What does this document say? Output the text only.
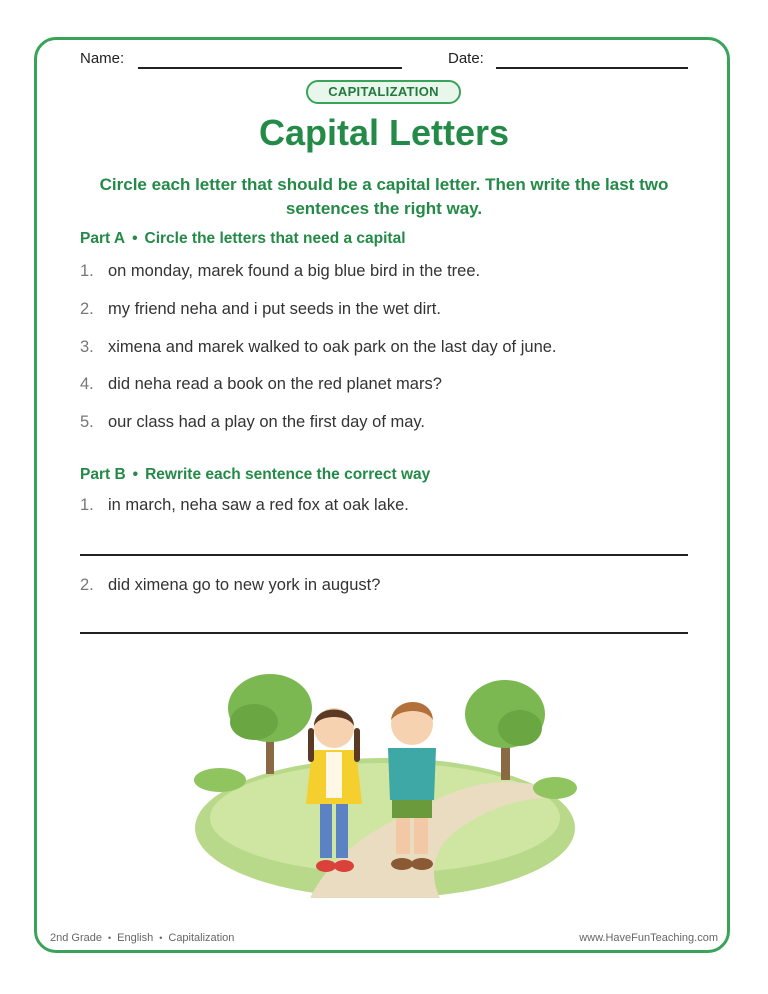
Name:	Date:
CAPITALIZATION
Capital Letters
Circle each letter that should be a capital letter. Then write the last two sentences the right way.
Part A • Circle the letters that need a capital
1. on monday, marek found a big blue bird in the tree.
2. my friend neha and i put seeds in the wet dirt.
3. ximena and marek walked to oak park on the last day of june.
4. did neha read a book on the red planet mars?
5. our class had a play on the first day of may.
Part B • Rewrite each sentence the correct way
1. in march, neha saw a red fox at oak lake.
2. did ximena go to new york in august?
2nd Grade • English • Capitalization	www.HaveFunTeaching.com
